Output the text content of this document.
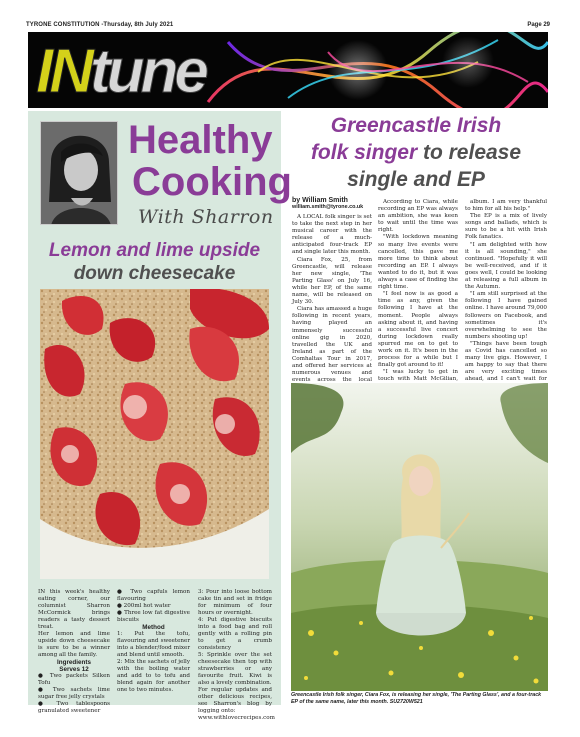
TYRONE CONSTITUTION -Thursday, 8th July 2021	Page 29
INtune
Healthy
Cooking
With Sharron
Lemon and lime upside
down cheesecake

IN this week's healthy eating corner, our columnist Sharron McCormick brings readers a tasty dessert treat.

Her lemon and lime upside down cheesecake is sure to be a winner among all the family.

Ingredients

Serves 12

● Two packets Silken Tofu

● Two sachets lime sugar free jelly crystals

● Two tablespoons granulated sweetener

● Two capfuls lemon flavouring

● 200ml hot water

● Three low fat digestive biscuits

Method

1: Put the tofu, flavouring and sweetener into a blender/food mixer and blend until smooth.

2: Mix the sachets of jelly with the boiling water and add to to tofu and blend again for another one to two minutes.

3: Pour into loose bottom cake tin and set in fridge for minimum of four hours or overnight.

4: Put digestive biscuits into a food bag and roll gently with a rolling pin to get a crumb consistency

5: Sprinkle over the set cheesecake then top with strawberries or any favourite fruit. Kiwi is also a lovely combination.

For regular updates and other delicious recipes, see Sharron's blog by logging onto:

www.withlovecrecipes.com

Greencastle Irish
folk singer to release
single and EP

by William Smith

william.smith@tyrone.co.uk

A LOCAL folk singer is set to take the next step in her musical career with the release of a much-anticipated four-track EP and single later this month.

Ciara Fox, 25, from Greencastle, will release her new single, 'The Parting Glass' on July 16, while her EP, of the same name, will be released on July 30.

Ciara has amassed a huge following in recent years, having played an immensely successful online gig in 2020, travelled the UK and Ireland as part of the Comhaltas Tour in 2017, and offered her services at numerous venues and events across the local

According to Ciara, while recording an EP was always an ambition, she was keen to wait until the time was right.

"With lockdown meaning so many live events were cancelled, this gave me more time to think about recording an EP. I always wanted to do it, but it was always a case of finding the right time.

"I feel now is as good a time as any, given the following I have at the moment. People always asking about it, and having a successful live concert during lockdown really spurred me on to get to work on it. It's been in the process for a while but I finally got around to it!

"I was lucky to get in touch with Matt McGilian,

album. I am very thankful to him for all his help."

The EP is a mix of lively songs and ballads, which is sure to be a hit with Irish Folk fanatics.

"I am delighted with how it is all sounding," she continued. "Hopefully it will be well-received, and if it goes well, I could be looking at releasing a full album in the Autumn.

"I am still surprised at the following I have gained online. I have around 79,000 followers on Facebook, and sometimes it's overwhelming to see the numbers shooting up!

"Things have been tough as Covid has cancelled so many live gigs. However, I am happy to say that there are very exciting times ahead, and I can't wait for

Greencastle Irish folk singer, Ciara Fox, is releasing her single, 'The Parting Glass', and a four-track EP of the same name, later this month. SU2720W521
